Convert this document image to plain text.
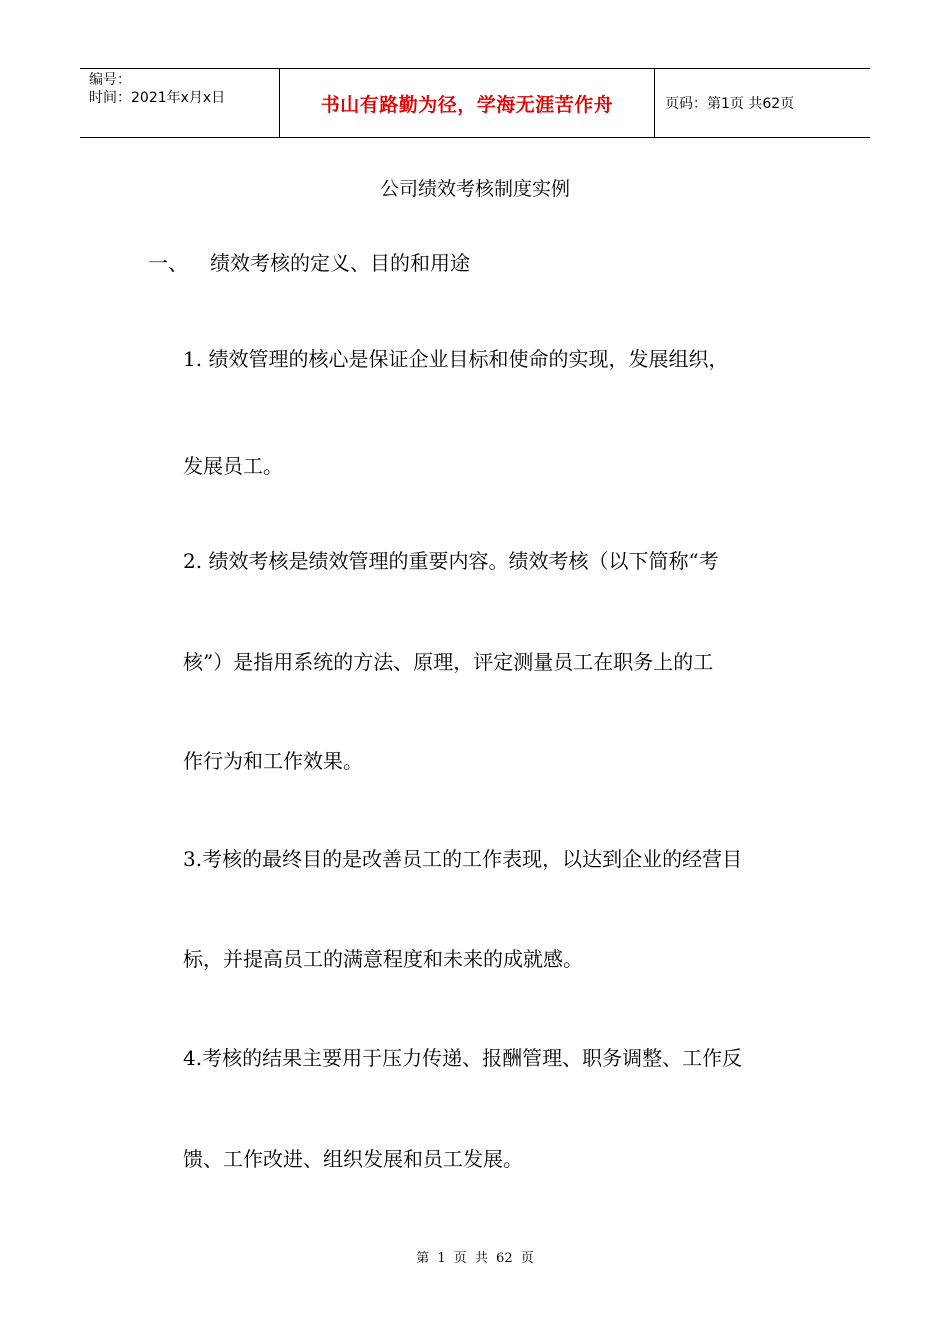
编号：
时间：2021年x月x日	书山有路勤为径，学海无涯苦作舟	页码：第1页 共62页
公司绩效考核制度实例
一、 绩效考核的定义、目的和用途
1. 绩效管理的核心是保证企业目标和使命的实现，发展组织，
发展员工。
2. 绩效考核是绩效管理的重要内容。绩效考核（以下简称“考
核”）是指用系统的方法、原理，评定测量员工在职务上的工
作行为和工作效果。
3.考核的最终目的是改善员工的工作表现，以达到企业的经营目
标，并提高员工的满意程度和未来的成就感。
4.考核的结果主要用于压力传递、报酬管理、职务调整、工作反
馈、工作改进、组织发展和员工发展。
第 1 页 共 62 页
